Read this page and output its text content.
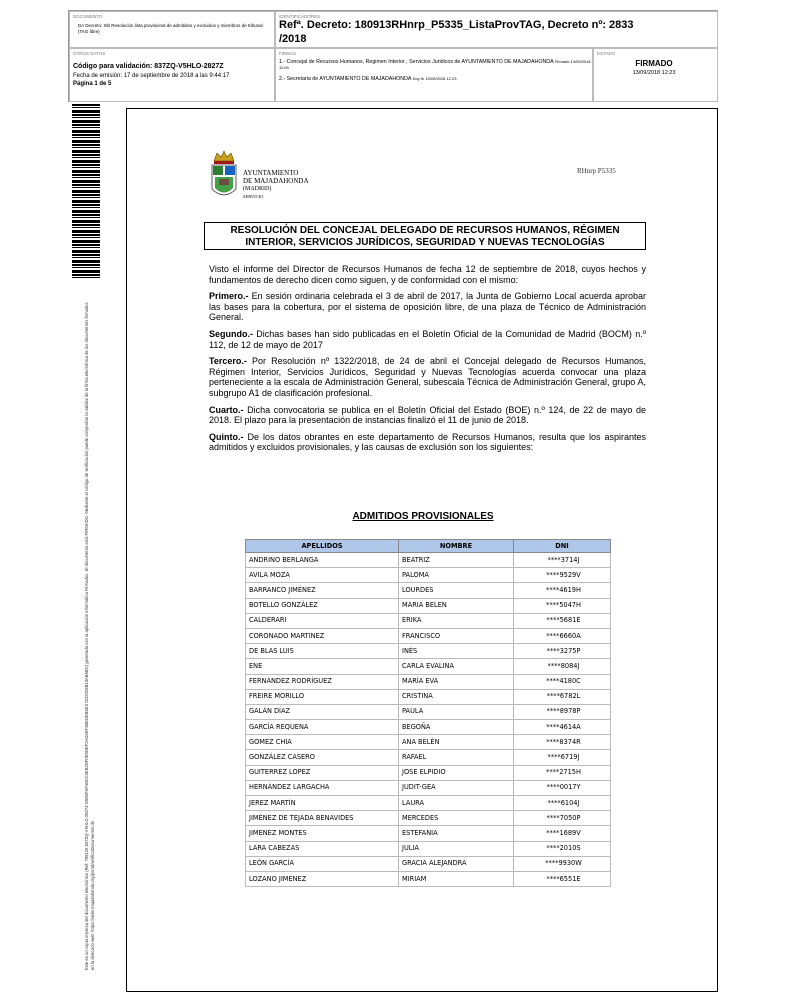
DOCUMENTO
DA Decreto: Sbl Resolución lista provisional de admitidos y excluidos y miembros de tribunal (TAG libre)
IDENTIFICADORES
Refª. Decreto: 180913RHnrp_P5335_ListaProvTAG, Decreto nº: 2833
/2018
OTROS DATOS
Código para validación: 837ZQ-V5HLO-2827Z
Fecha de emisión: 17 de septiembre de 2018 a las 9:44:17
Página 1 de 5
FIRMAS
1.- Concejal de Recursos Humanos, Regimen Interior , Servicios Juridicos de AYUNTAMIENTO DE MAJADAHONDA Firmado 13/09/2018 11:09
2.- Secretaria de AYUNTAMIENTO DE MAJADAHONDA Doy fe 13/09/2018 12:23
ESTADO
FIRMADO
13/09/2018 12:23
Este es un copia impresa del documento electrónico (Ref: 799126 837ZQ-V5HLO-2827Z D5E5F6F4D0C3EB2DF0E9DEF2AD4EF3BEDEB6E3 CD2028B13AB5BC) generada con la aplicación informática Firmadoc. El documento está FIRMADO. Mediante el código de verificación puede comprobar la validez de la firma electrónica de los documentos firmados en la dirección web: https://sede.majadahonda.org/portal/verificaDocumentos.do
AYUNTAMIENTO
DE MAJADAHONDA
(MADRID)
SERVICIO
RHnrp P5335
RESOLUCIÓN DEL CONCEJAL DELEGADO DE RECURSOS HUMANOS, RÉGIMEN
INTERIOR, SERVICIOS JURÍDICOS, SEGURIDAD Y NUEVAS TECNOLOGÍAS

Visto el informe del Director de Recursos Humanos de fecha 12 de septiembre de 2018, cuyos hechos y fundamentos de derecho dicen como siguen, y de conformidad con el mismo:

Primero.- En sesión ordinaria celebrada el 3 de abril de 2017, la Junta de Gobierno Local acuerda aprobar las bases para la cobertura, por el sistema de oposición libre, de una plaza de Técnico de Administración General.

Segundo.- Dichas bases han sido publicadas en el Boletín Oficial de la Comunidad de Madrid (BOCM) n.º 112, de 12 de mayo de 2017

Tercero.- Por Resolución nº 1322/2018, de 24 de abril el Concejal delegado de Recursos Humanos, Régimen Interior, Servicios Jurídicos, Seguridad y Nuevas Tecnologías acuerda convocar una plaza perteneciente a la escala de Administración General, subescala Técnica de Administración General, grupo A, subgrupo A1 de clasificación profesional.

Cuarto.- Dicha convocatoria se publica en el Boletín Oficial del Estado (BOE) n.º 124, de 22 de mayo de 2018. El plazo para la presentación de instancias finalizó el 11 de junio de 2018.

Quinto.- De los datos obrantes en este departamento de Recursos Humanos, resulta que los aspirantes admitidos y excluidos provisionales, y las causas de exclusión son los siguientes:

ADMITIDOS PROVISIONALES
APELLIDOS	NOMBRE	DNI
ANDRINO BERLANGA	BEATRIZ	****3714J
AVILA MOZA	PALOMA	****9529V
BARRANCO JIMÉNEZ	LOURDES	****4619H
BOTELLO GONZÁLEZ	MARIA BELEN	****5047H
CALDERARI	ERIKA	****5681E
CORONADO MARTINEZ	FRANCISCO	****6660A
DE BLAS LUIS	INÉS	****3275P
ENE	CARLA EVALINA	****8084J
FERNÁNDEZ RODRÍGUEZ	MARÍA EVA	****4180C
FREIRE MORILLO	CRISTINA	****6782L
GALÁN DÍAZ	PAULA	****8978P
GARCÍA REQUENA	BEGOÑA	****4614A
GOMEZ CHIA	ANA BELÉN	****8374R
GONZÁLEZ CASERO	RAFAEL	****6719J
GUITERREZ LOPEZ	JOSE ELPIDIO	****2715H
HERNÁNDEZ LARGACHA	JUDIT-GEA	****0017Y
JEREZ MARTÍN	LAURA	****6104J
JIMÉNEZ DE TEJADA BENAVIDES	MERCEDES	****7050P
JIMENEZ MONTES	ESTEFANIA	****1689V
LARA CABEZAS	JULIA	****2010S
LEÓN GARCÍA	GRACIA ALEJANDRA	****9930W
LOZANO JIMENEZ	MIRIAM	****6551E
